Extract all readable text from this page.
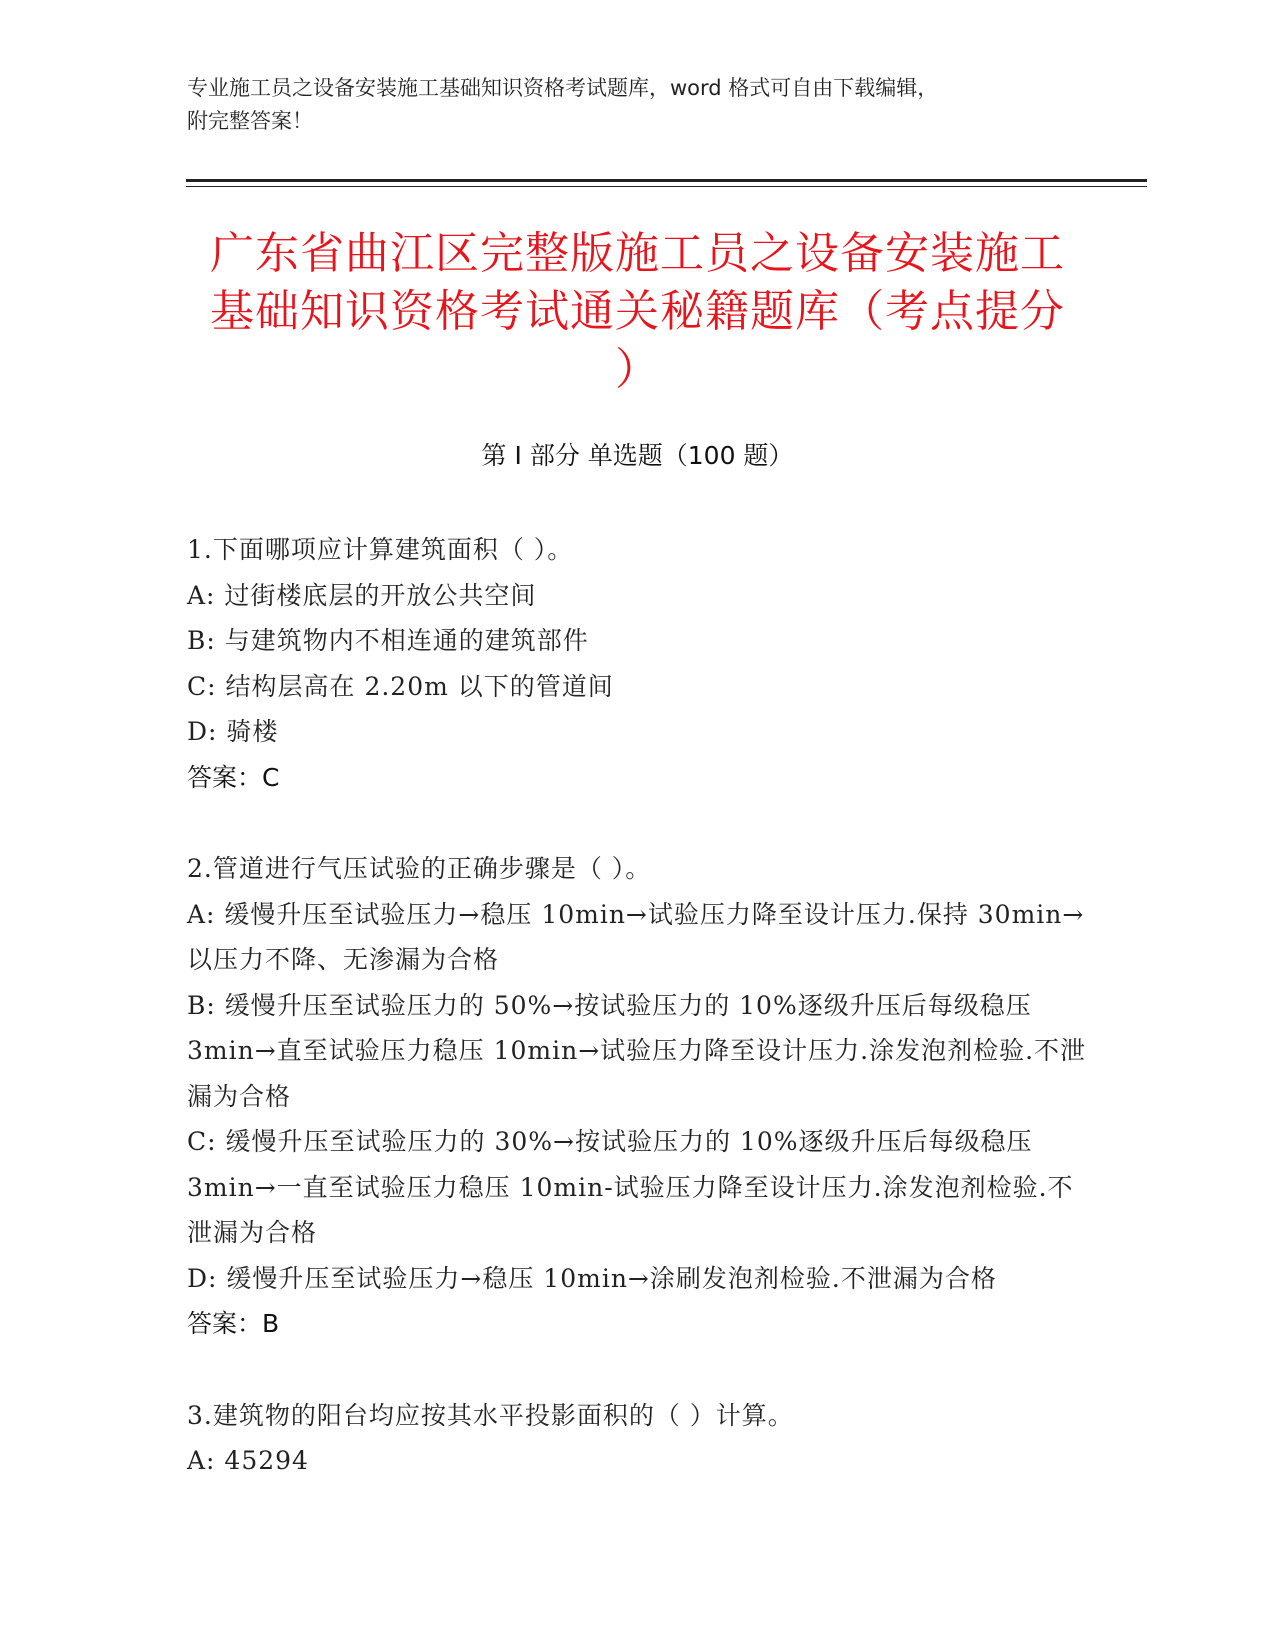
专业施工员之设备安装施工基础知识资格考试题库，word 格式可自由下载编辑，
附完整答案！
广东省曲江区完整版施工员之设备安装施工
基础知识资格考试通关秘籍题库（考点提分
）
第 I 部分 单选题（100 题）
1.下面哪项应计算建筑面积（ ）。
A: 过街楼底层的开放公共空间
B: 与建筑物内不相连通的建筑部件
C: 结构层高在 2.20m 以下的管道间
D: 骑楼
答案：C
2.管道进行气压试验的正确步骤是（ ）。
A: 缓慢升压至试验压力→稳压 10min→试验压力降至设计压力.保持 30min→以压力不降、无渗漏为合格
B: 缓慢升压至试验压力的 50%→按试验压力的 10%逐级升压后每级稳压 3min→直至试验压力稳压 10min→试验压力降至设计压力.涂发泡剂检验.不泄漏为合格
C: 缓慢升压至试验压力的 30%→按试验压力的 10%逐级升压后每级稳压 3min→一直至试验压力稳压 10min-试验压力降至设计压力.涂发泡剂检验.不泄漏为合格
D: 缓慢升压至试验压力→稳压 10min→涂刷发泡剂检验.不泄漏为合格
答案：B
3.建筑物的阳台均应按其水平投影面积的（ ）计算。
A: 45294
